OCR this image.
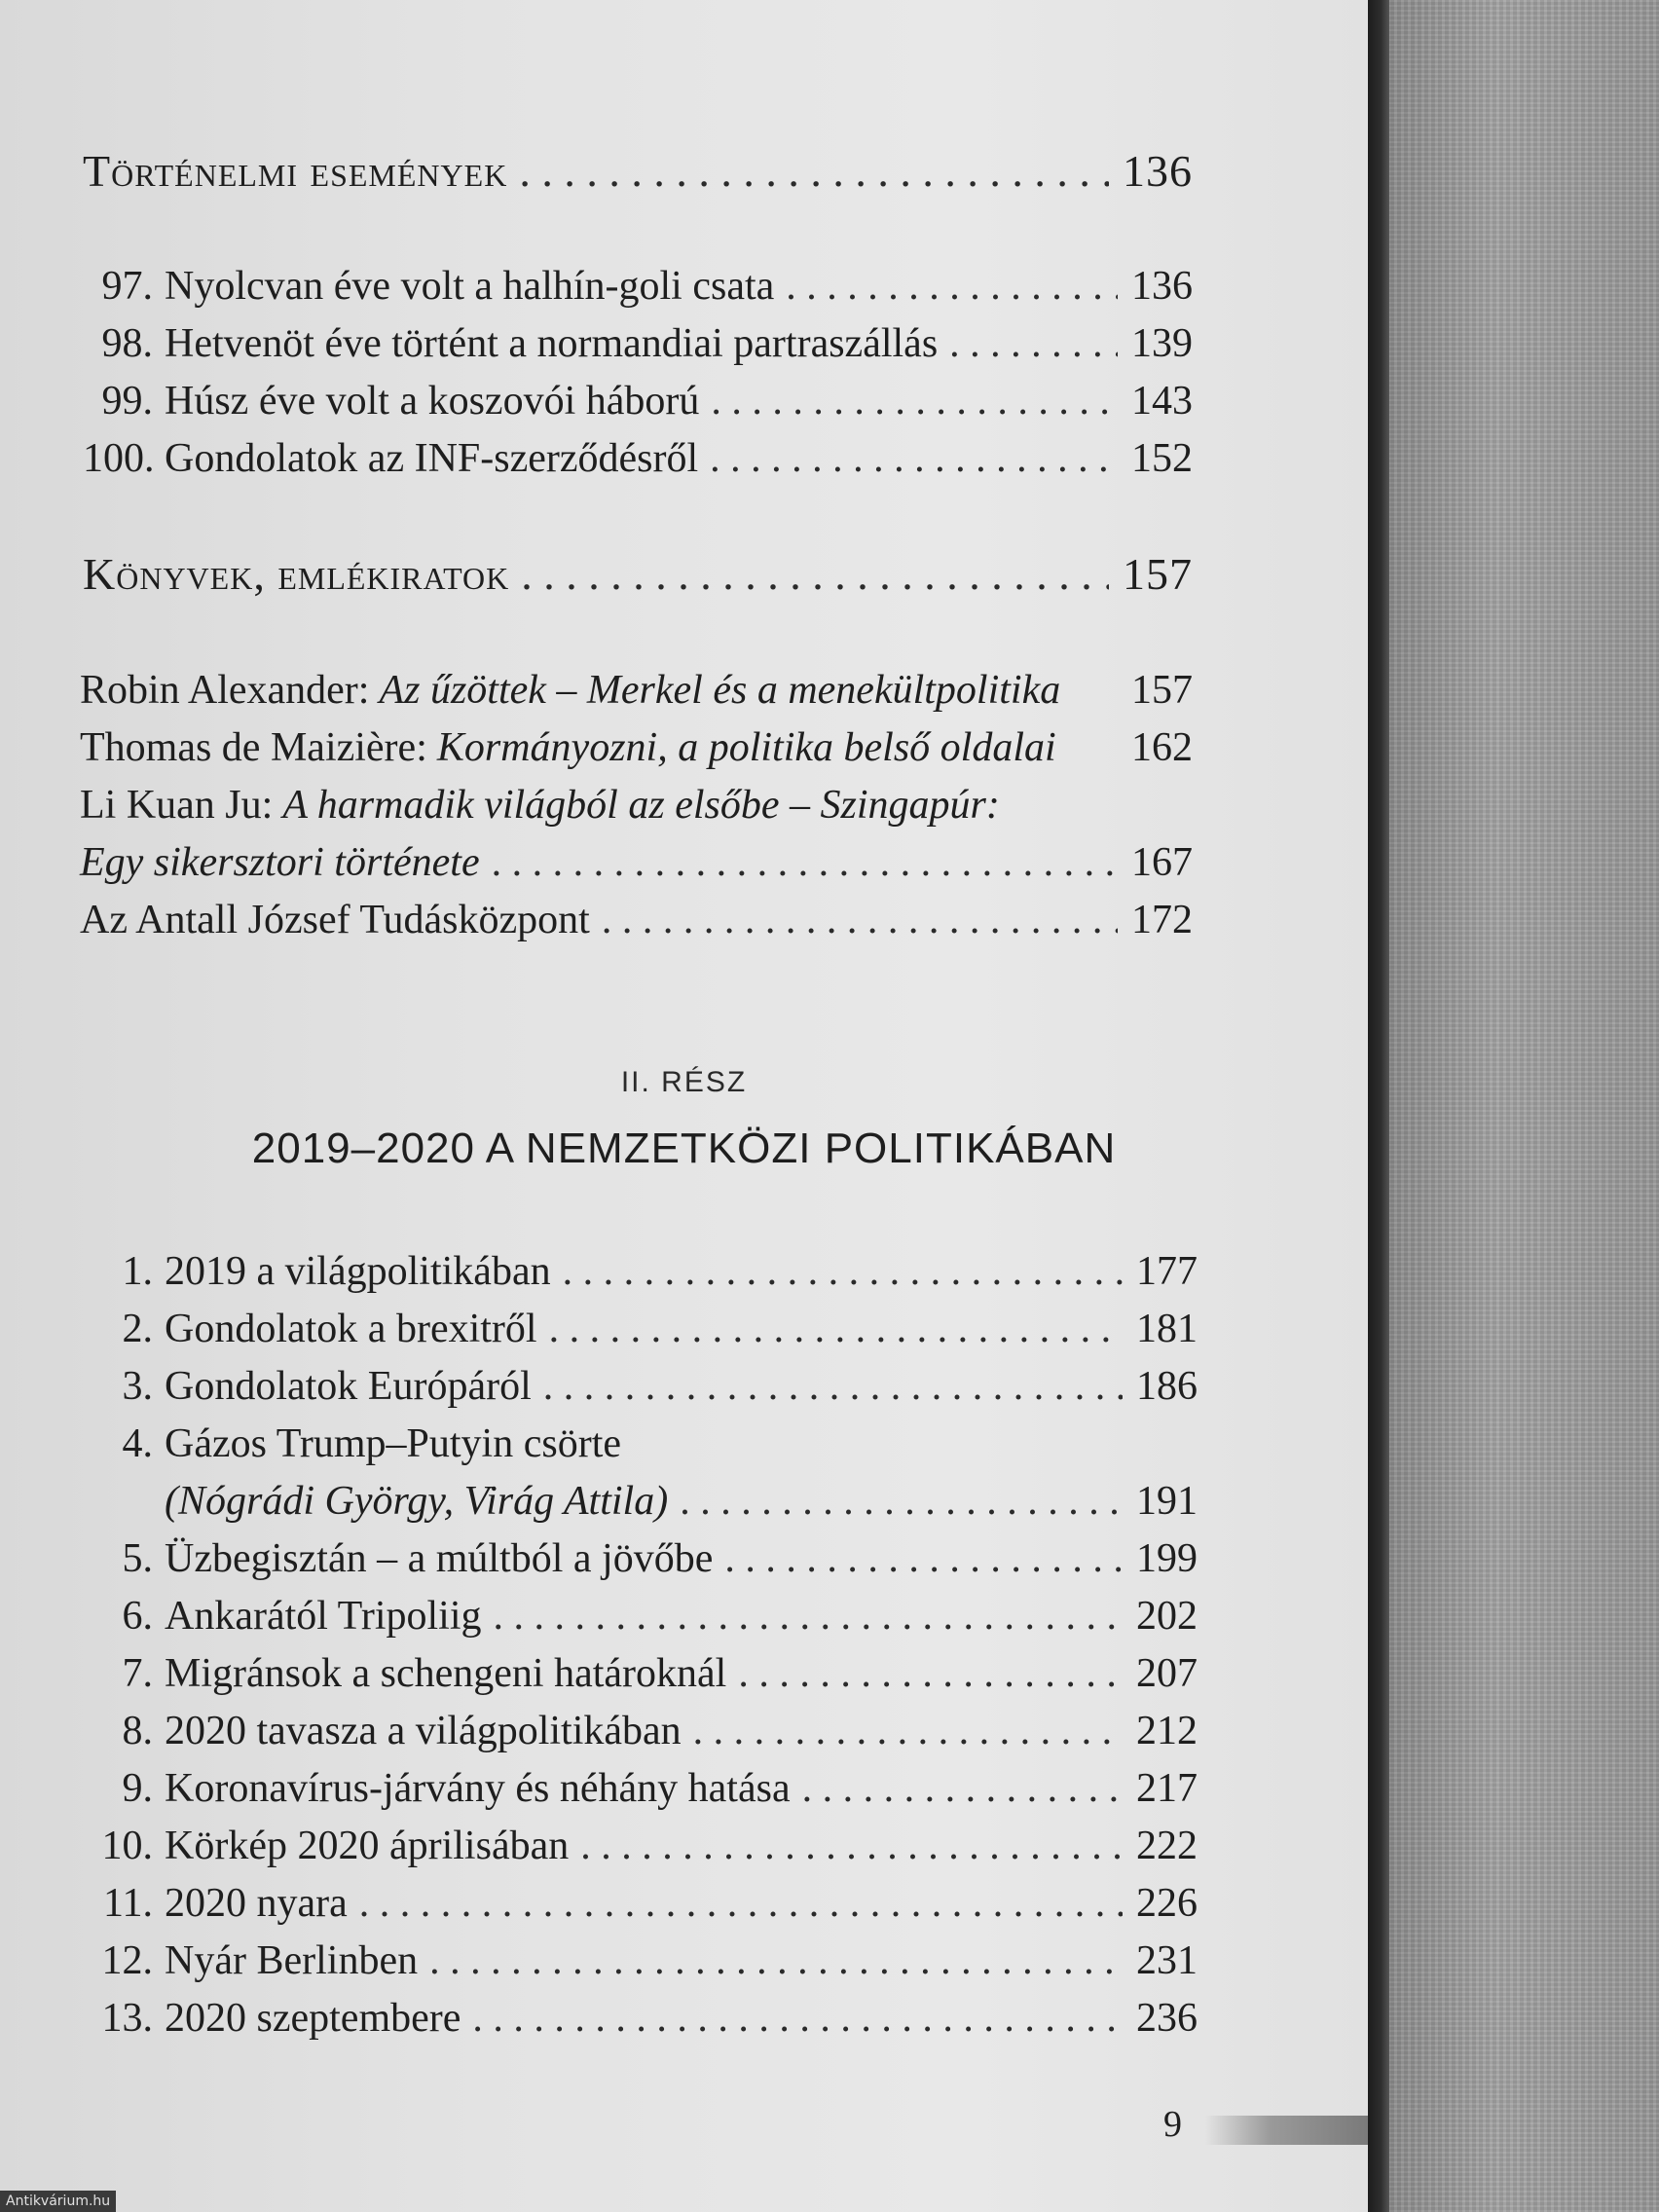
Történelmi események . . .	136
97. Nyolcvan éve volt a halhín-goli csata . . .	136
98. Hetvenöt éve történt a normandiai partraszállás . . .	139
99. Húsz éve volt a koszovói háború . . .	143
100. Gondolatok az INF-szerződésről . . .	152
Könyvek, emlékiratok . . .	157
Robin Alexander: Az űzöttek – Merkel és a menekültpolitika 157
Thomas de Maizière: Kormányozni, a politika belső oldalai 162
Li Kuan Ju: A harmadik világból az elsőbe – Szingapúr:
Egy sikersztori története . . .	167
Az Antall József Tudásközpont . . .	172
II. RÉSZ
2019–2020 A NEMZETKÖZI POLITIKÁBAN
1. 2019 a világpolitikában . . .	177
2. Gondolatok a brexitről . . .	181
3. Gondolatok Európáról . . .	186
4. Gázos Trump–Putyin csörte
(Nógrádi György, Virág Attila) . . .	191
5. Üzbegisztán – a múltból a jövőbe . . .	199
6. Ankarától Tripoliig . . .	202
7. Migránsok a schengeni határoknál . . .	207
8. 2020 tavasza a világpolitikában . . .	212
9. Koronavírus-járvány és néhány hatása . . .	217
10. Körkép 2020 áprilisában . . .	222
11. 2020 nyara . . .	226
12. Nyár Berlinben . . .	231
13. 2020 szeptembere . . .	236
9
Antikvárium.hu
